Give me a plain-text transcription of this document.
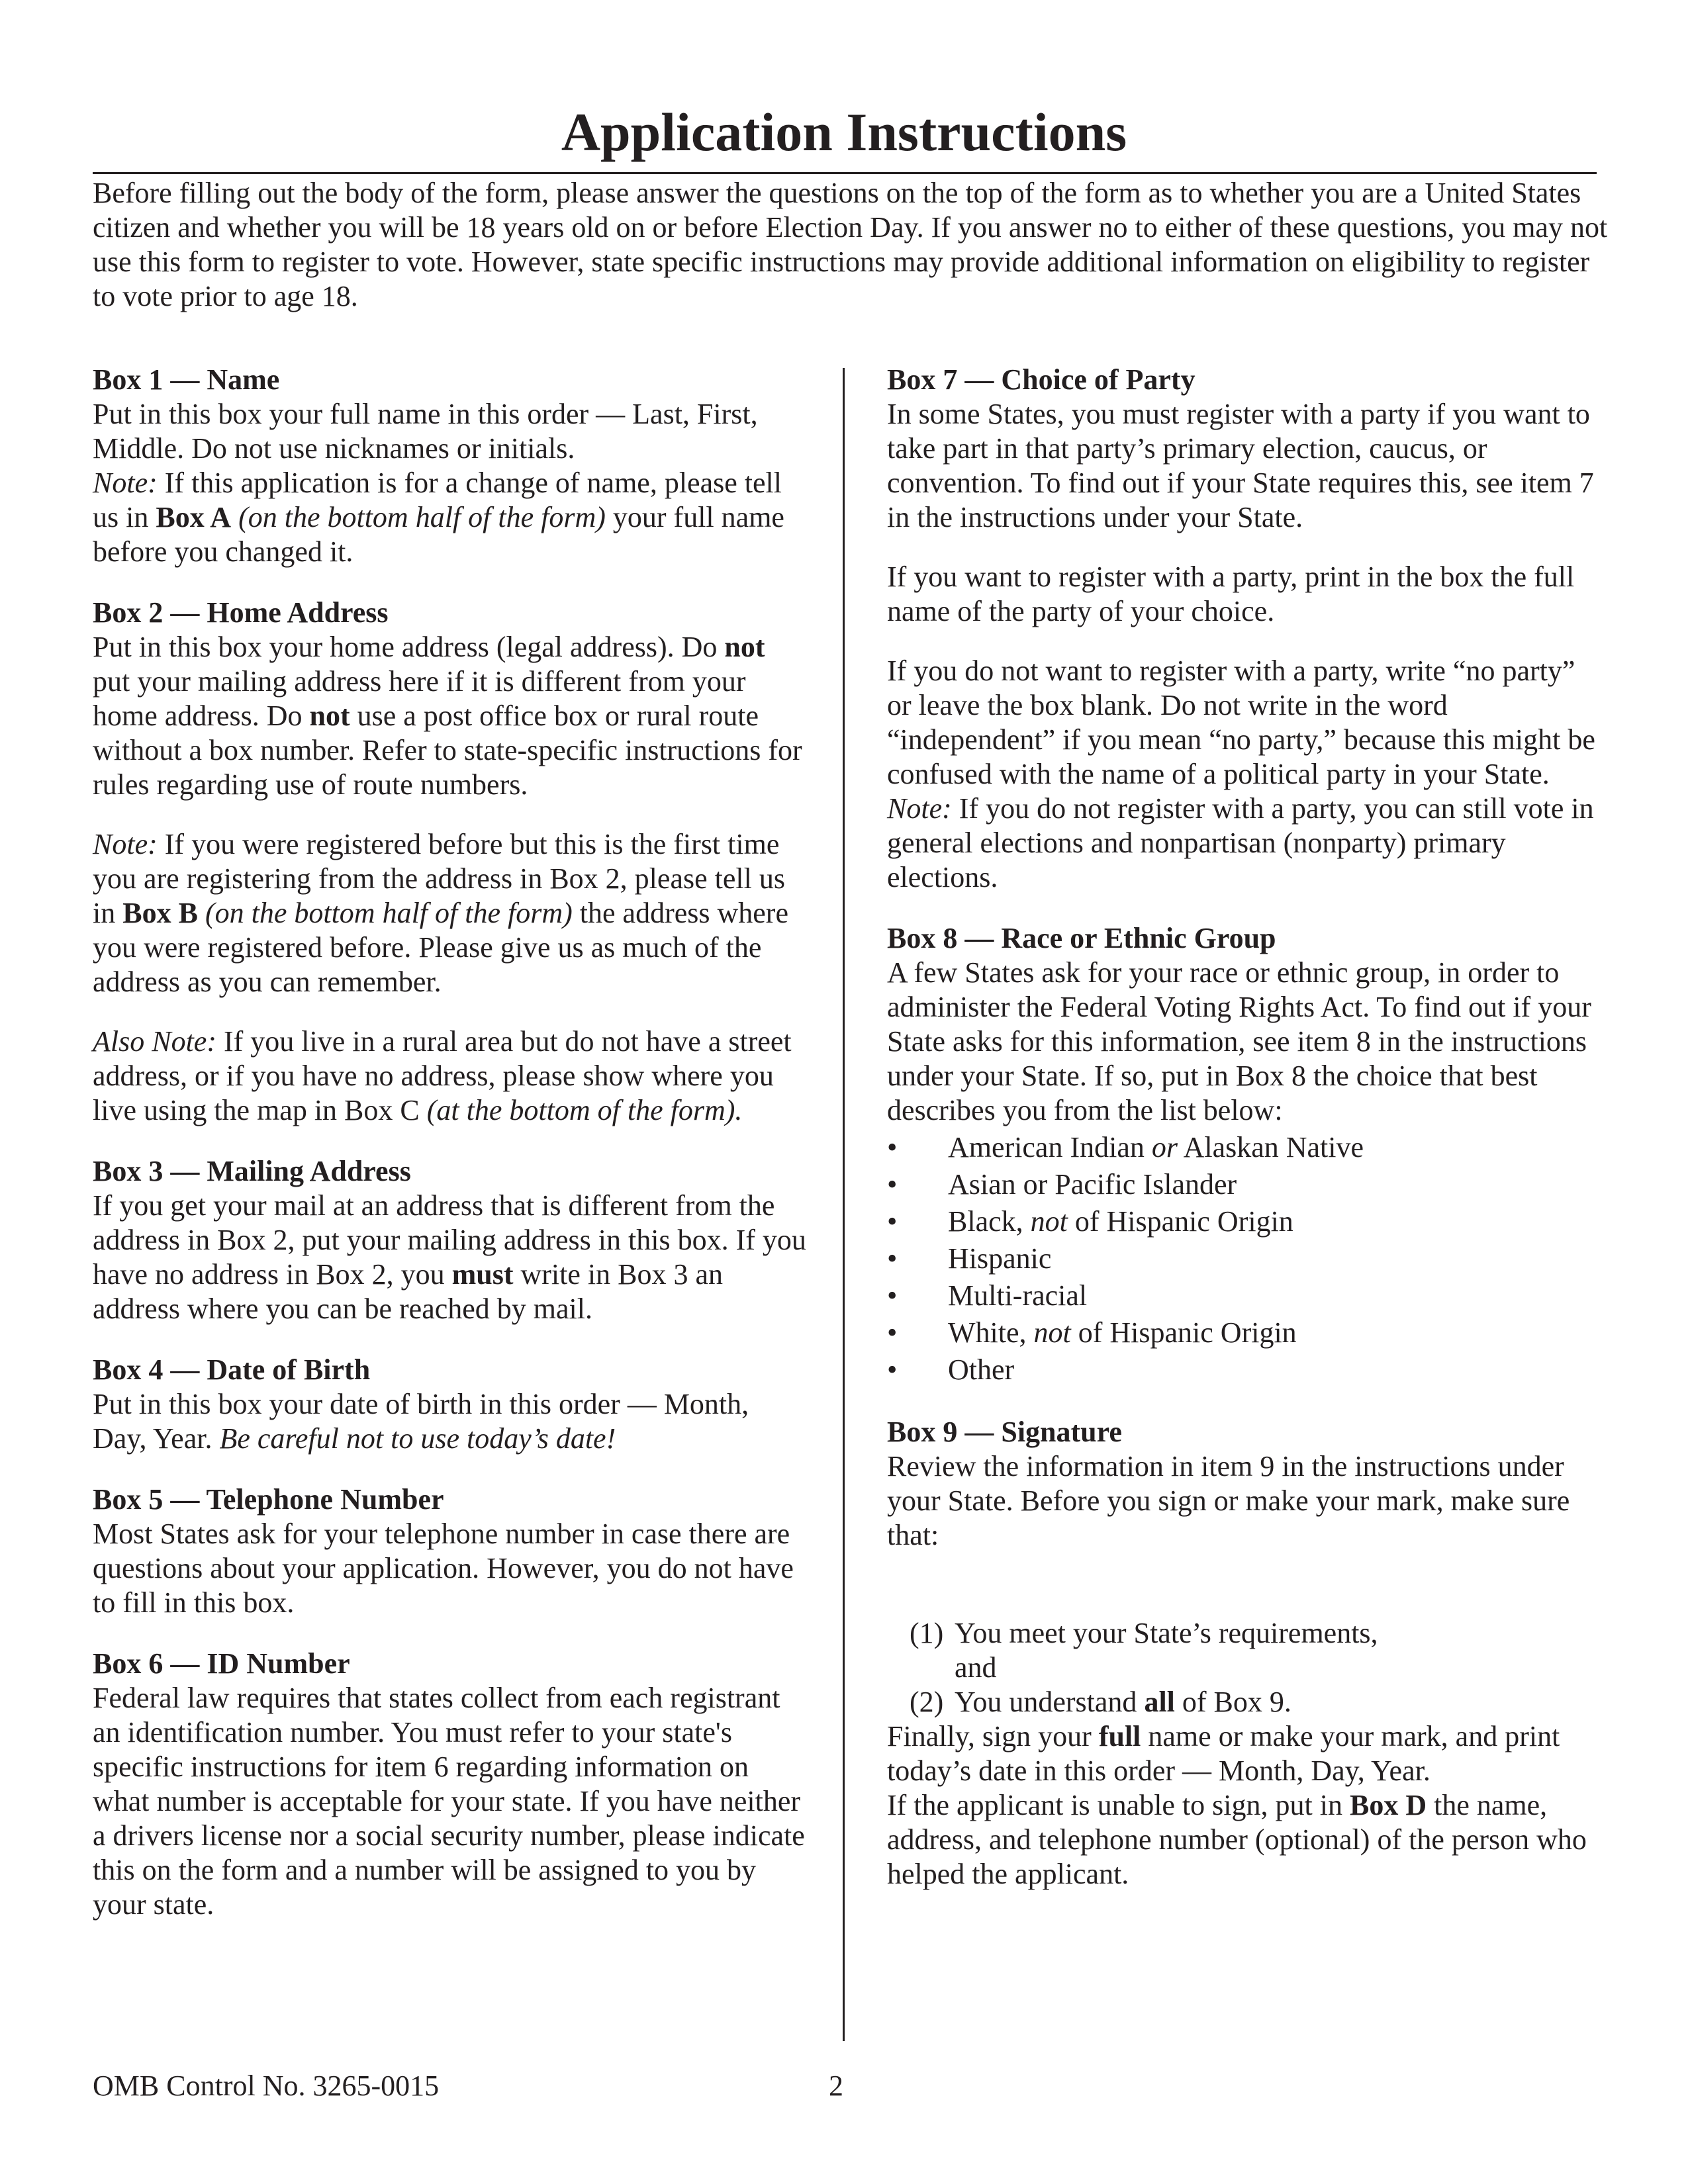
Application Instructions

Before filling out the body of the form, please answer the questions on the top of the form as to whether you are a United States citizen and whether you will be 18 years old on or before Election Day. If you answer no to either of these questions, you may not use this form to register to vote. However, state specific instructions may provide additional information on eligibility to register to vote prior to age 18.

Box 1 — Name

Put in this box your full name in this order — Last, First, Middle. Do not use nicknames or initials.

Note: If this application is for a change of name, please tell us in Box A (on the bottom half of the form) your full name before you changed it.

Box 2 — Home Address

Put in this box your home address (legal address). Do not put your mailing address here if it is different from your home address. Do not use a post office box or rural route without a box number. Refer to state-specific instructions for rules regarding use of route numbers.

Note: If you were registered before but this is the first time you are registering from the address in Box 2, please tell us in Box B (on the bottom half of the form) the address where you were registered before. Please give us as much of the address as you can remember.

Also Note: If you live in a rural area but do not have a street address, or if you have no address, please show where you live using the map in Box C (at the bottom of the form).

Box 3 — Mailing Address

If you get your mail at an address that is different from the address in Box 2, put your mailing address in this box. If you have no address in Box 2, you must write in Box 3 an address where you can be reached by mail.

Box 4 — Date of Birth

Put in this box your date of birth in this order — Month, Day, Year. Be careful not to use today’s date!

Box 5 — Telephone Number

Most States ask for your telephone number in case there are questions about your application. However, you do not have to fill in this box.

Box 6 — ID Number

Federal law requires that states collect from each registrant an identification number. You must refer to your state's specific instructions for item 6 regarding information on what number is acceptable for your state. If you have neither a drivers license nor a social security number, please indicate this on the form and a number will be assigned to you by your state.

Box 7 — Choice of Party

In some States, you must register with a party if you want to take part in that party’s primary election, caucus, or convention. To find out if your State requires this, see item 7 in the instructions under your State.

If you want to register with a party, print in the box the full name of the party of your choice.

If you do not want to register with a party, write “no party” or leave the box blank. Do not write in the word “independent” if you mean “no party,” because this might be confused with the name of a political party in your State.

Note: If you do not register with a party, you can still vote in general elections and nonpartisan (nonparty) primary elections.

Box 8 — Race or Ethnic Group

A few States ask for your race or ethnic group, in order to administer the Federal Voting Rights Act. To find out if your State asks for this information, see item 8 in the instructions under your State. If so, put in Box 8 the choice that best describes you from the list below:

• American Indian or Alaskan Native
• Asian or Pacific Islander
• Black, not of Hispanic Origin
• Hispanic
• Multi-racial
• White, not of Hispanic Origin
• Other
Box 9 — Signature

Review the information in item 9 in the instructions under your State. Before you sign or make your mark, make sure that:

(1) You meet your State’s requirements,
and
(2) You understand all of Box 9.

Finally, sign your full name or make your mark, and print today’s date in this order — Month, Day, Year.
If the applicant is unable to sign, put in Box D the name, address, and telephone number (optional) of the person who helped the applicant.

OMB Control No. 3265-0015	2
